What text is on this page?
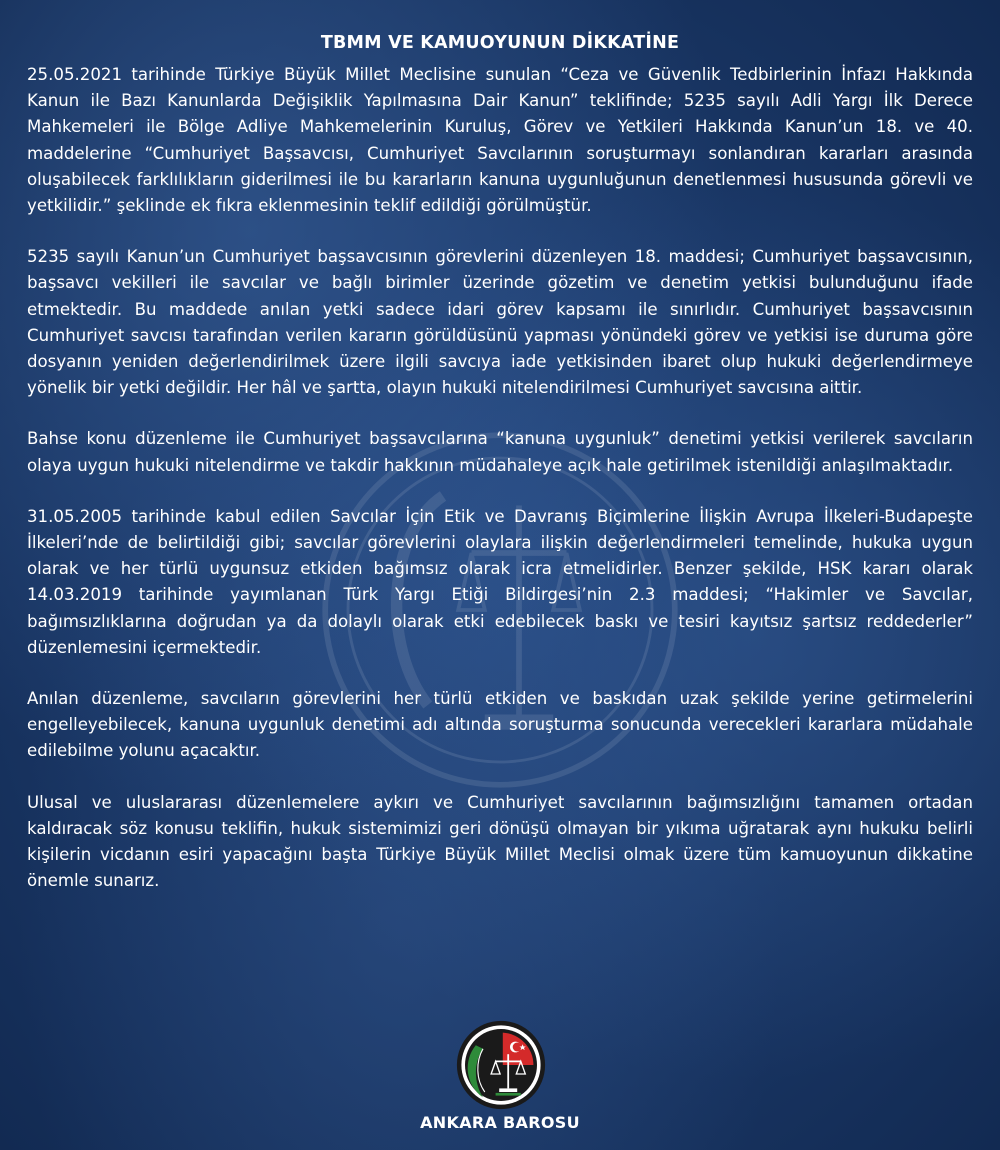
TBMM VE KAMUOYUNUN DİKKATİNE

25.05.2021 tarihinde Türkiye Büyük Millet Meclisine sunulan “Ceza ve Güvenlik Tedbirlerinin İnfazı Hakkında Kanun ile Bazı Kanunlarda Değişiklik Yapılmasına Dair Kanun” teklifinde; 5235 sayılı Adli Yargı İlk Derece Mahkemeleri ile Bölge Adliye Mahkemelerinin Kuruluş, Görev ve Yetkileri Hakkında Kanun’un 18. ve 40. maddelerine “Cumhuriyet Başsavcısı, Cumhuriyet Savcılarının soruşturmayı sonlandıran kararları arasında oluşabilecek farklılıkların giderilmesi ile bu kararların kanuna uygunluğunun denetlenmesi hususunda görevli ve yetkilidir.” şeklinde ek fıkra eklenmesinin teklif edildiği görülmüştür.

5235 sayılı Kanun’un Cumhuriyet başsavcısının görevlerini düzenleyen 18. maddesi; Cumhuriyet başsavcısının, başsavcı vekilleri ile savcılar ve bağlı birimler üzerinde gözetim ve denetim yetkisi bulunduğunu ifade etmektedir. Bu maddede anılan yetki sadece idari görev kapsamı ile sınırlıdır. Cumhuriyet başsavcısının Cumhuriyet savcısı tarafından verilen kararın görüldüsünü yapması yönündeki görev ve yetkisi ise duruma göre dosyanın yeniden değerlendirilmek üzere ilgili savcıya iade yetkisinden ibaret olup hukuki değerlendirmeye yönelik bir yetki değildir. Her hâl ve şartta, olayın hukuki nitelendirilmesi Cumhuriyet savcısına aittir.

Bahse konu düzenleme ile Cumhuriyet başsavcılarına “kanuna uygunluk” denetimi yetkisi verilerek savcıların olaya uygun hukuki nitelendirme ve takdir hakkının müdahaleye açık hale getirilmek istenildiği anlaşılmaktadır.

31.05.2005 tarihinde kabul edilen Savcılar İçin Etik ve Davranış Biçimlerine İlişkin Avrupa İlkeleri-Budapeşte İlkeleri’nde de belirtildiği gibi; savcılar görevlerini olaylara ilişkin değerlendirmeleri temelinde, hukuka uygun olarak ve her türlü uygunsuz etkiden bağımsız olarak icra etmelidirler. Benzer şekilde, HSK kararı olarak 14.03.2019 tarihinde yayımlanan Türk Yargı Etiği Bildirgesi’nin 2.3 maddesi; “Hakimler ve Savcılar, bağımsızlıklarına doğrudan ya da dolaylı olarak etki edebilecek baskı ve tesiri kayıtsız şartsız reddederler” düzenlemesini içermektedir.

Anılan düzenleme, savcıların görevlerini her türlü etkiden ve baskıdan uzak şekilde yerine getirmelerini engelleyebilecek, kanuna uygunluk denetimi adı altında soruşturma sonucunda verecekleri kararlara müdahale edilebilme yolunu açacaktır.

Ulusal ve uluslararası düzenlemelere aykırı ve Cumhuriyet savcılarının bağımsızlığını tamamen ortadan kaldıracak söz konusu teklifin, hukuk sistemimizi geri dönüşü olmayan bir yıkıma uğratarak aynı hukuku belirli kişilerin vicdanın esiri yapacağını başta Türkiye Büyük Millet Meclisi olmak üzere tüm kamuoyunun dikkatine önemle sunarız.

ANKARA BAROSU
